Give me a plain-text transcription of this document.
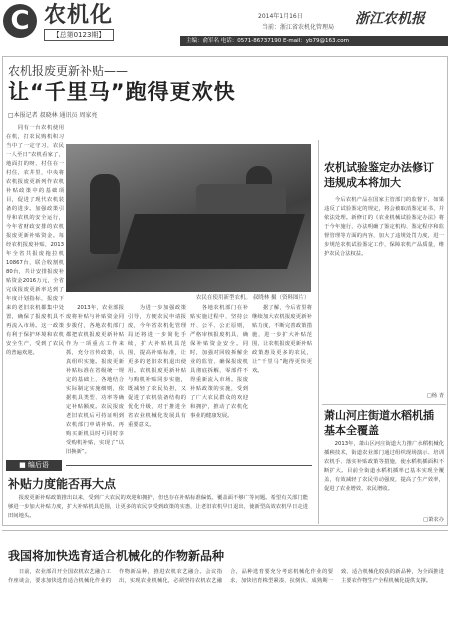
C 农机化
【总第0123期】
2014年1月16日
当前：浙江省农机化管理局
浙江农机报
主编：俞军名 电话：0571-86737190 E-mail：yb79@163.com
农机报废更新补贴——
让“千里马”跑得更欢快
□本报记者 叔晓林 通讯员 周家亮
　　同有一台农机使用在机，打农民购机积习当中了一定守习，农民一人至日“农机看家了，地面打的呀，村住在一村住，农井里，中央将农机报废更新列作农机补贴政策中的基础项目，促进了现代农机装备的进步。加强政策引导和农机的安全运行，今年省财政安排的农机报废更新补贴资金。每经农机报废补贴，2013年全省共报废拖拉机10867台，联合收割机80台，共计安排报废补贴资金2016万元，全省完成报废更新率达到了年度计划指标，报废下来的老旧农机都集中处置，确保了报废机具不再流入市场。这一政策有利于保护环境和农机安全生产，受到了农民的普遍欢迎。
农民在使用新型农机。 叔晓林 摄（资料图片）
　　2013年，农业部报废将补贴与补贴资金同步拨付，各地农机部门都把农机报废更新补贴作为一项重点工作来抓，充分宣传政策，认真组织实施。报废更新补贴标准在省级统一规定的基础上，各地结合实际制定实施细则，依据机具类型、功率等确定补贴额度。农民报废老旧农机后可持证明到农机部门申请补贴，再购买新机具时可同时享受购机补贴，实现了“以旧换新”。
　　为进一步加强政策引导，方便农民申请报废，今年省农机化管理局还将进一步简化手续，扩大补贴机具范围，提高补贴标准，让更多的老旧农机退出使用。农机报废更新补贴与购机补贴同步实施，既减轻了农民负担，又促进了农机装备结构的优化升级，对于推进全省农业机械化发展具有重要意义。
　　各地农机部门在补贴实施过程中，坚持公开、公平、公正原则，严格审核报废机具，确保补贴资金安全。同时，加强对回收拆解企业的监管，确保报废机具彻底拆解，零部件不得重新流入市场。报废补贴政策的实施，受到了广大农民群众的欢迎和拥护，推动了农机化事业的健康发展。
　　据了解，今后省里将继续加大农机报废更新补贴力度，不断完善政策措施，进一步扩大补贴范围，让农机报废更新补贴政策惠及更多的农民，让“千里马”跑得更快更欢。
农机试验鉴定办法修订违规成本将加大
　　今后农机产品在国家主管部门的监督下，如果违反了试验鉴定的规定，将会被取消鉴定证书，并依法处理。新修订的《农业机械试验鉴定办法》将于今年施行，办法明确了鉴定机构、鉴定程序和监督管理等方面的内容，加大了违规处罚力度，进一步规范农机试验鉴定工作，保障农机产品质量，维护农民合法权益。
□杨 青
萧山河庄街道水稻机插基本全覆盖
　　2013年，萧山区河庄街道大力推广水稻机械化插秧技术，街道农业部门通过组织现场演示、培训农机手、落实补贴政策等措施，使水稻机插面积不断扩大。目前全街道水稻机插率已基本实现全覆盖，有效减轻了农民劳动强度，提高了生产效率，促进了农业增效、农民增收。
□萧农办
■ 编后语
补贴力度能否再大点
　　报废更新补贴政策推出以来，受到广大农民的欢迎和拥护，但也存在补贴标准偏低、覆盖面不够广等问题。希望有关部门能够进一步加大补贴力度，扩大补贴机具范围，让更多的农民享受到政策的实惠，让老旧农机早日退出，使新型高效农机早日走进田间地头。
我国将加快选育适合机械化的作物新品种
　　日前，农业部召开全国农机农艺融合工作座谈会，要求加快选育适合机械化作业的作物新品种，推进农机农艺融合。会议指出，实现农业机械化，必须坚持农机农艺融合，品种选育要充分考虑机械化作业的要求，加快培育株型紧凑、抗倒伏、成熟期一致、适合机械化收获的新品种，为全面推进主要农作物生产全程机械化提供支撑。
